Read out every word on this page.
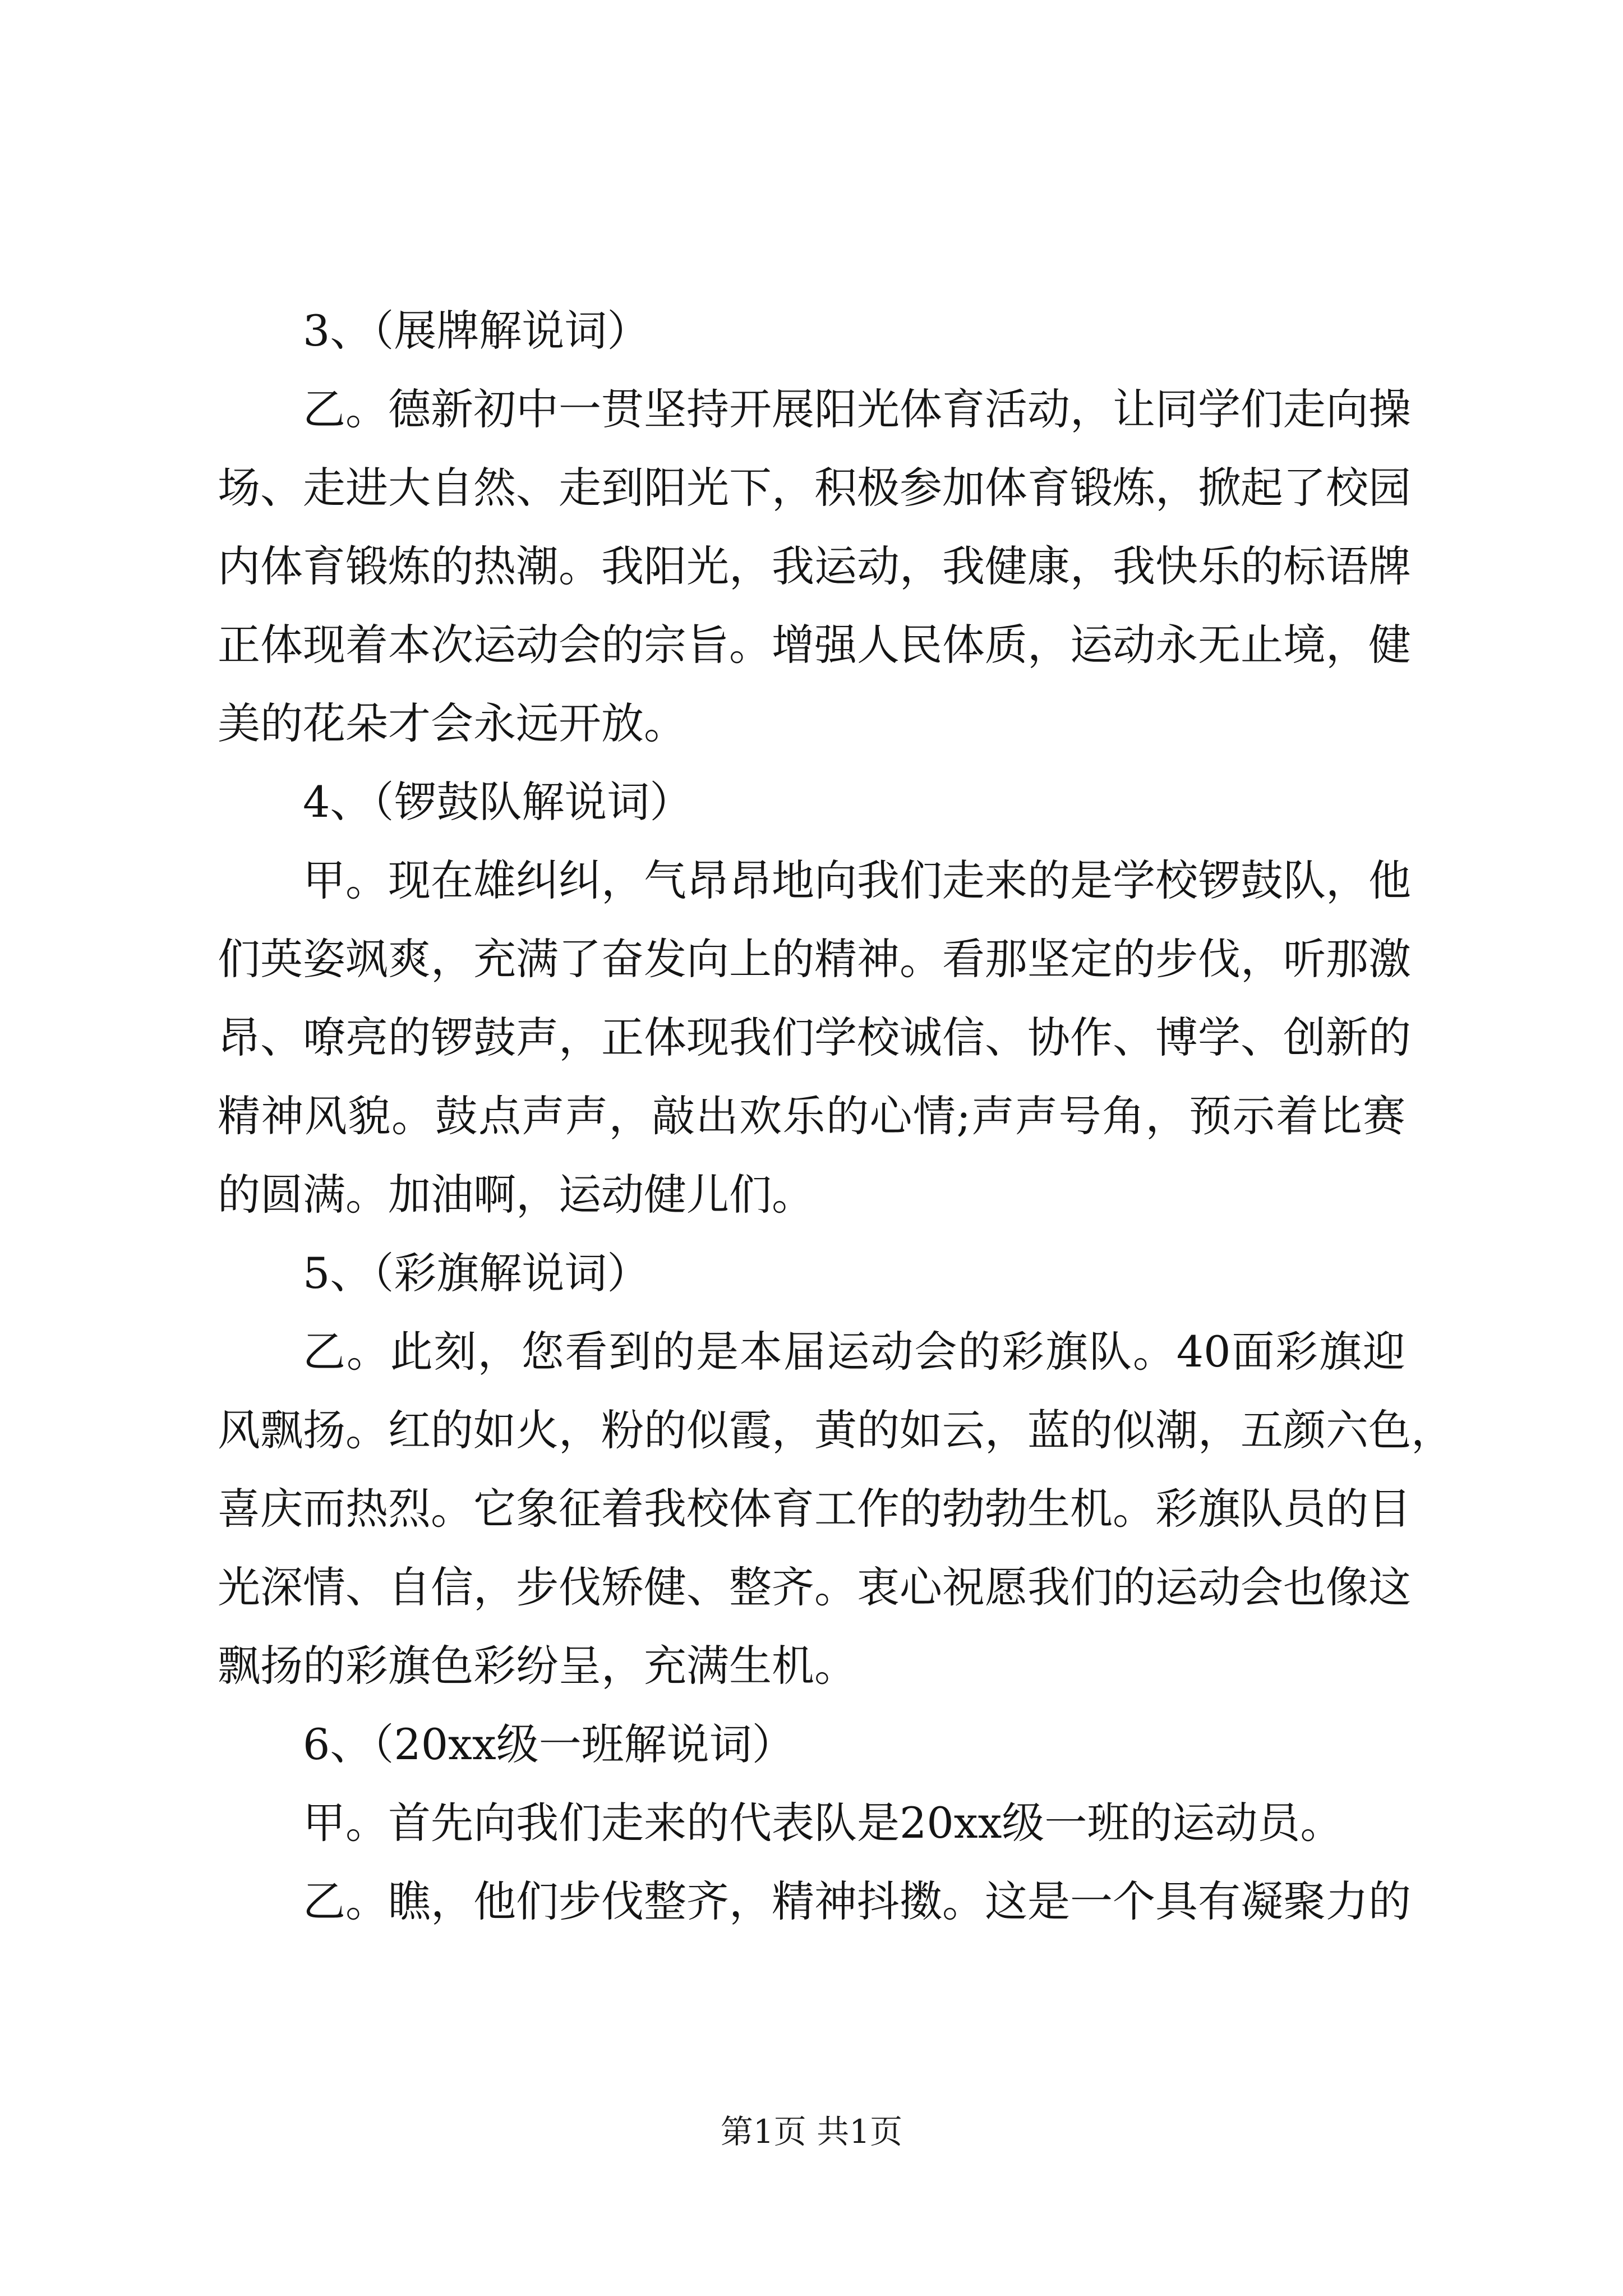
3、（展牌解说词）
乙。德新初中一贯坚持开展阳光体育活动，让同学们走向操
场、走进大自然、走到阳光下，积极参加体育锻炼，掀起了校园
内体育锻炼的热潮。我阳光，我运动，我健康，我快乐的标语牌
正体现着本次运动会的宗旨。增强人民体质，运动永无止境，健
美的花朵才会永远开放。
4、（锣鼓队解说词）
甲。现在雄纠纠，气昂昂地向我们走来的是学校锣鼓队，他
们英姿飒爽，充满了奋发向上的精神。看那坚定的步伐，听那激
昂、嘹亮的锣鼓声，正体现我们学校诚信、协作、博学、创新的
精神风貌。鼓点声声，敲出欢乐的心情;声声号角，预示着比赛
的圆满。加油啊，运动健儿们。
5、（彩旗解说词）
乙。此刻，您看到的是本届运动会的彩旗队。40面彩旗迎
风飘扬。红的如火，粉的似霞，黄的如云，蓝的似潮，五颜六色，
喜庆而热烈。它象征着我校体育工作的勃勃生机。彩旗队员的目
光深情、自信，步伐矫健、整齐。衷心祝愿我们的运动会也像这
飘扬的彩旗色彩纷呈，充满生机。
6、（20xx级一班解说词）
甲。首先向我们走来的代表队是20xx级一班的运动员。
乙。瞧，他们步伐整齐，精神抖擞。这是一个具有凝聚力的
第1页 共1页
